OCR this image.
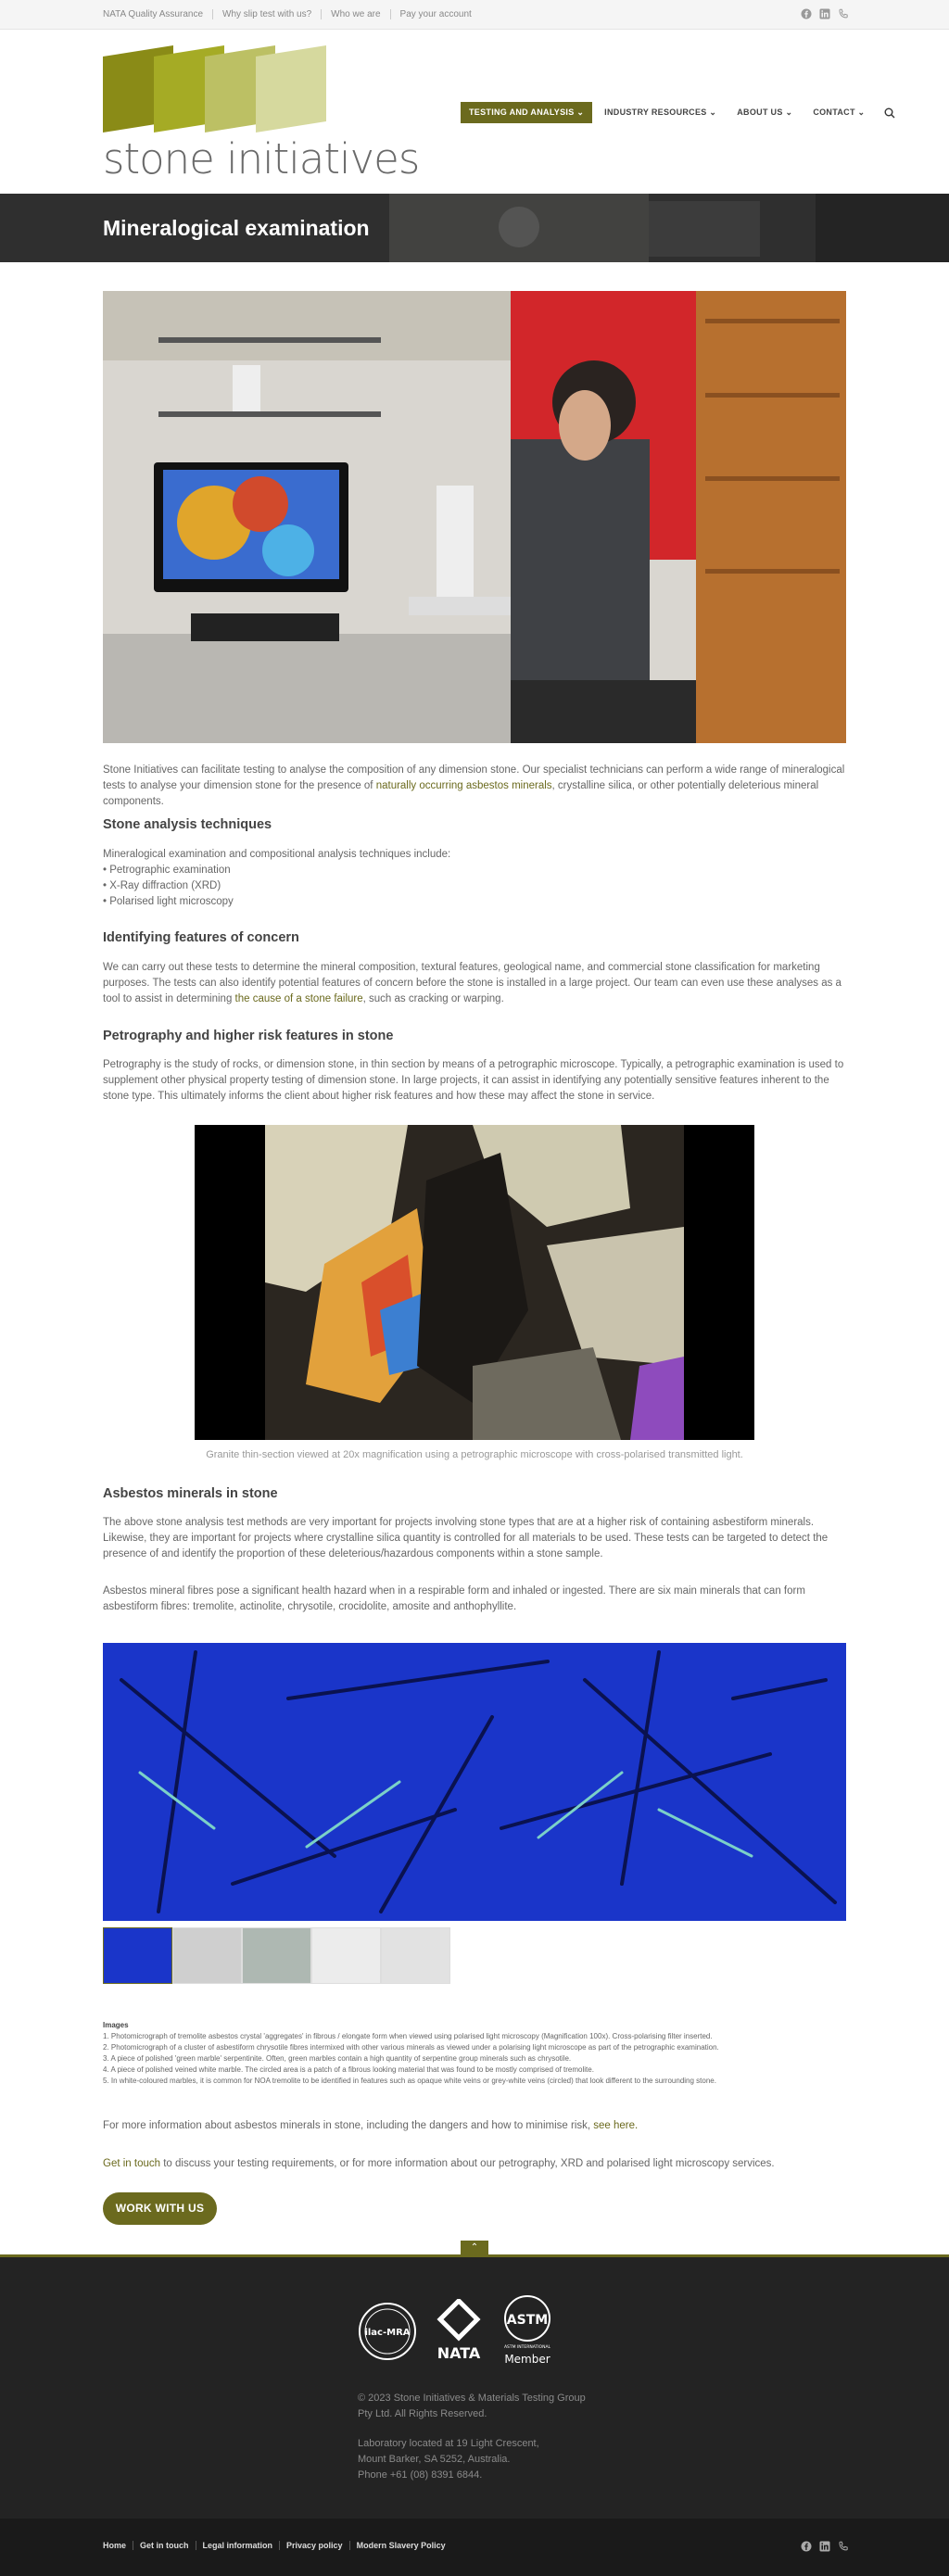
NATA Quality Assurance	Why slip test with us?	Who we are	Pay your account
stone initiatives
TESTING AND ANALYSIS ⌄	INDUSTRY RESOURCES ⌄	ABOUT US ⌄	CONTACT ⌄
Mineralogical examination
Stone Initiatives can facilitate testing to analyse the composition of any dimension stone. Our specialist technicians can perform a wide range of mineralogical tests to analyse your dimension stone for the presence of naturally occurring asbestos minerals, crystalline silica, or other potentially deleterious mineral components.
Stone analysis techniques
Mineralogical examination and compositional analysis techniques include:
• Petrographic examination
• X-Ray diffraction (XRD)
• Polarised light microscopy
Identifying features of concern
We can carry out these tests to determine the mineral composition, textural features, geological name, and commercial stone classification for marketing purposes. The tests can also identify potential features of concern before the stone is installed in a large project. Our team can even use these analyses as a tool to assist in determining the cause of a stone failure, such as cracking or warping.
Petrography and higher risk features in stone
Petrography is the study of rocks, or dimension stone, in thin section by means of a petrographic microscope. Typically, a petrographic examination is used to supplement other physical property testing of dimension stone. In large projects, it can assist in identifying any potentially sensitive features inherent to the stone type. This ultimately informs the client about higher risk features and how these may affect the stone in service.
Granite thin-section viewed at 20x magnification using a petrographic microscope with cross-polarised transmitted light.
Asbestos minerals in stone
The above stone analysis test methods are very important for projects involving stone types that are at a higher risk of containing asbestiform minerals. Likewise, they are important for projects where crystalline silica quantity is controlled for all materials to be used. These tests can be targeted to detect the presence of and identify the proportion of these deleterious/hazardous components within a stone sample.
Asbestos mineral fibres pose a significant health hazard when in a respirable form and inhaled or ingested. There are six main minerals that can form asbestiform fibres: tremolite, actinolite, chrysotile, crocidolite, amosite and anthophyllite.
Images
1. Photomicrograph of tremolite asbestos crystal 'aggregates' in fibrous / elongate form when viewed using polarised light microscopy (Magnification 100x). Cross-polarising filter inserted.
2. Photomicrograph of a cluster of asbestiform chrysotile fibres intermixed with other various minerals as viewed under a polarising light microscope as part of the petrographic examination.
3. A piece of polished 'green marble' serpentinite. Often, green marbles contain a high quantity of serpentine group minerals such as chrysotile.
4. A piece of polished veined white marble. The circled area is a patch of a fibrous looking material that was found to be mostly comprised of tremolite.
5. In white-coloured marbles, it is common for NOA tremolite to be identified in features such as opaque white veins or grey-white veins (circled) that look different to the surrounding stone.
For more information about asbestos minerals in stone, including the dangers and how to minimise risk, see here.
Get in touch to discuss your testing requirements, or for more information about our petrography, XRD and polarised light microscopy services.
WORK WITH US
⌃
ilac-MRA
NATA
ASTM
ASTM INTERNATIONAL
Member
© 2023 Stone Initiatives & Materials Testing Group Pty Ltd. All Rights Reserved.
Laboratory located at 19 Light Crescent,
Mount Barker, SA 5252, Australia.
Phone +61 (08) 8391 6844.
Home	Get in touch	Legal information	Privacy policy	Modern Slavery Policy
